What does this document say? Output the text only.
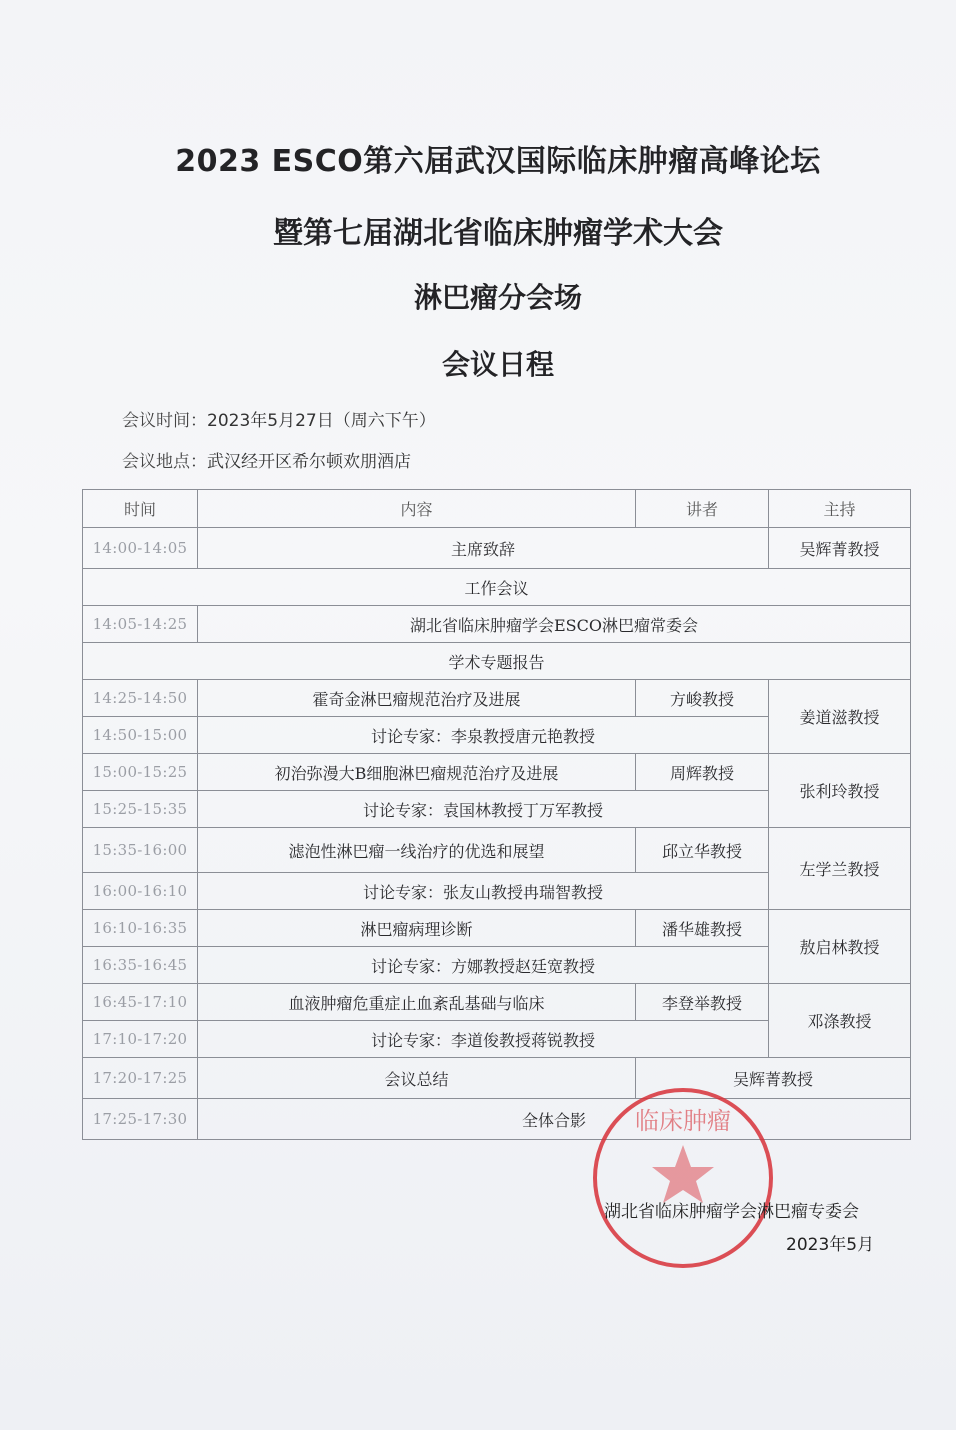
2023 ESCO第六届武汉国际临床肿瘤高峰论坛
暨第七届湖北省临床肿瘤学术大会
淋巴瘤分会场
会议日程
会议时间：2023年5月27日（周六下午）
会议地点：武汉经开区希尔顿欢朋酒店
时间	内容	讲者	主持
14:00-14:05	主席致辞		吴辉菁教授
工作会议			
14:05-14:25	湖北省临床肿瘤学会ESCO淋巴瘤常委会		
学术专题报告			
14:25-14:50	霍奇金淋巴瘤规范治疗及进展	方峻教授	姜道滋教授
14:50-15:00	讨论专家：李泉教授唐元艳教授		
15:00-15:25	初治弥漫大B细胞淋巴瘤规范治疗及进展	周辉教授	张利玲教授
15:25-15:35	讨论专家：袁国林教授丁万军教授		
15:35-16:00	滤泡性淋巴瘤一线治疗的优选和展望	邱立华教授	左学兰教授
16:00-16:10	讨论专家：张友山教授冉瑞智教授		
16:10-16:35	淋巴瘤病理诊断	潘华雄教授	敖启林教授
16:35-16:45	讨论专家：方娜教授赵廷宽教授		
16:45-17:10	血液肿瘤危重症止血紊乱基础与临床	李登举教授	邓涤教授
17:10-17:20	讨论专家：李道俊教授蒋锐教授		
17:20-17:25	会议总结	吴辉菁教授	
17:25-17:30	全体合影		临床肿瘤
湖北省临床肿瘤学会淋巴瘤专委会
2023年5月
